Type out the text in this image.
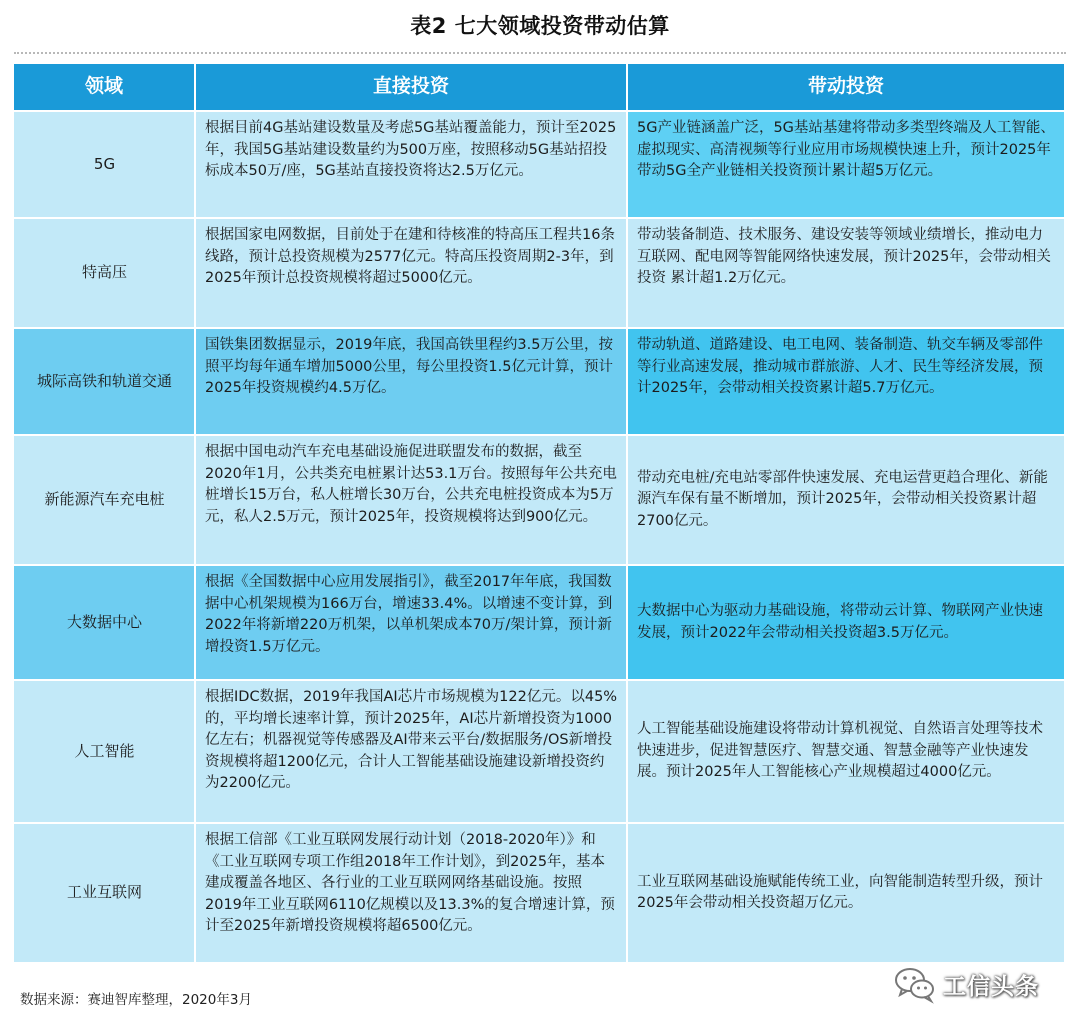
表2 七大领域投资带动估算
领域	直接投资	带动投资
5G
根据目前4G基站建设数量及考虑5G基站覆盖能力，预计至2025年，我国5G基站建设数量约为500万座，按照移动5G基站招投标成本50万/座，5G基站直接投资将达2.5万亿元。
5G产业链涵盖广泛，5G基站基建将带动多类型终端及人工智能、虚拟现实、高清视频等行业应用市场规模快速上升，预计2025年带动5G全产业链相关投资预计累计超5万亿元。
特高压
根据国家电网数据，目前处于在建和待核准的特高压工程共16条线路，预计总投资规模为2577亿元。特高压投资周期2-3年，到2025年预计总投资规模将超过5000亿元。
带动装备制造、技术服务、建设安装等领域业绩增长，推动电力互联网、配电网等智能网络快速发展，预计2025年，会带动相关投资 累计超1.2万亿元。
城际高铁和轨道交通
国铁集团数据显示，2019年底，我国高铁里程约3.5万公里，按照平均每年通车增加5000公里，每公里投资1.5亿元计算，预计2025年投资规模约4.5万亿。
带动轨道、道路建设、电工电网、装备制造、轨交车辆及零部件等行业高速发展，推动城市群旅游、人才、民生等经济发展，预计2025年，会带动相关投资累计超5.7万亿元。
新能源汽车充电桩
根据中国电动汽车充电基础设施促进联盟发布的数据，截至2020年1月，公共类充电桩累计达53.1万台。按照每年公共充电桩增长15万台，私人桩增长30万台，公共充电桩投资成本为5万元，私人2.5万元，预计2025年，投资规模将达到900亿元。
带动充电桩/充电站零部件快速发展、充电运营更趋合理化、新能源汽车保有量不断增加，预计2025年，会带动相关投资累计超2700亿元。
大数据中心
根据《全国数据中心应用发展指引》，截至2017年年底，我国数据中心机架规模为166万台，增速33.4%。以增速不变计算，到2022年将新增220万机架，以单机架成本70万/架计算，预计新增投资1.5万亿元。
大数据中心为驱动力基础设施，将带动云计算、物联网产业快速发展，预计2022年会带动相关投资超3.5万亿元。
人工智能
根据IDC数据，2019年我国AI芯片市场规模为122亿元。以45%的，平均增长速率计算，预计2025年，AI芯片新增投资为1000亿左右；机器视觉等传感器及AI带来云平台/数据服务/OS新增投资规模将超1200亿元，合计人工智能基础设施建设新增投资约为2200亿元。
人工智能基础设施建设将带动计算机视觉、自然语言处理等技术快速进步，促进智慧医疗、智慧交通、智慧金融等产业快速发展。预计2025年人工智能核心产业规模超过4000亿元。
工业互联网
根据工信部《工业互联网发展行动计划（2018-2020年）》和《工业互联网专项工作组2018年工作计划》，到2025年，基本建成覆盖各地区、各行业的工业互联网网络基础设施。按照2019年工业互联网6110亿规模以及13.3%的复合增速计算，预计至2025年新增投资规模将超6500亿元。
工业互联网基础设施赋能传统工业，向智能制造转型升级，预计2025年会带动相关投资超万亿元。
数据来源：赛迪智库整理，2020年3月
工信头条
